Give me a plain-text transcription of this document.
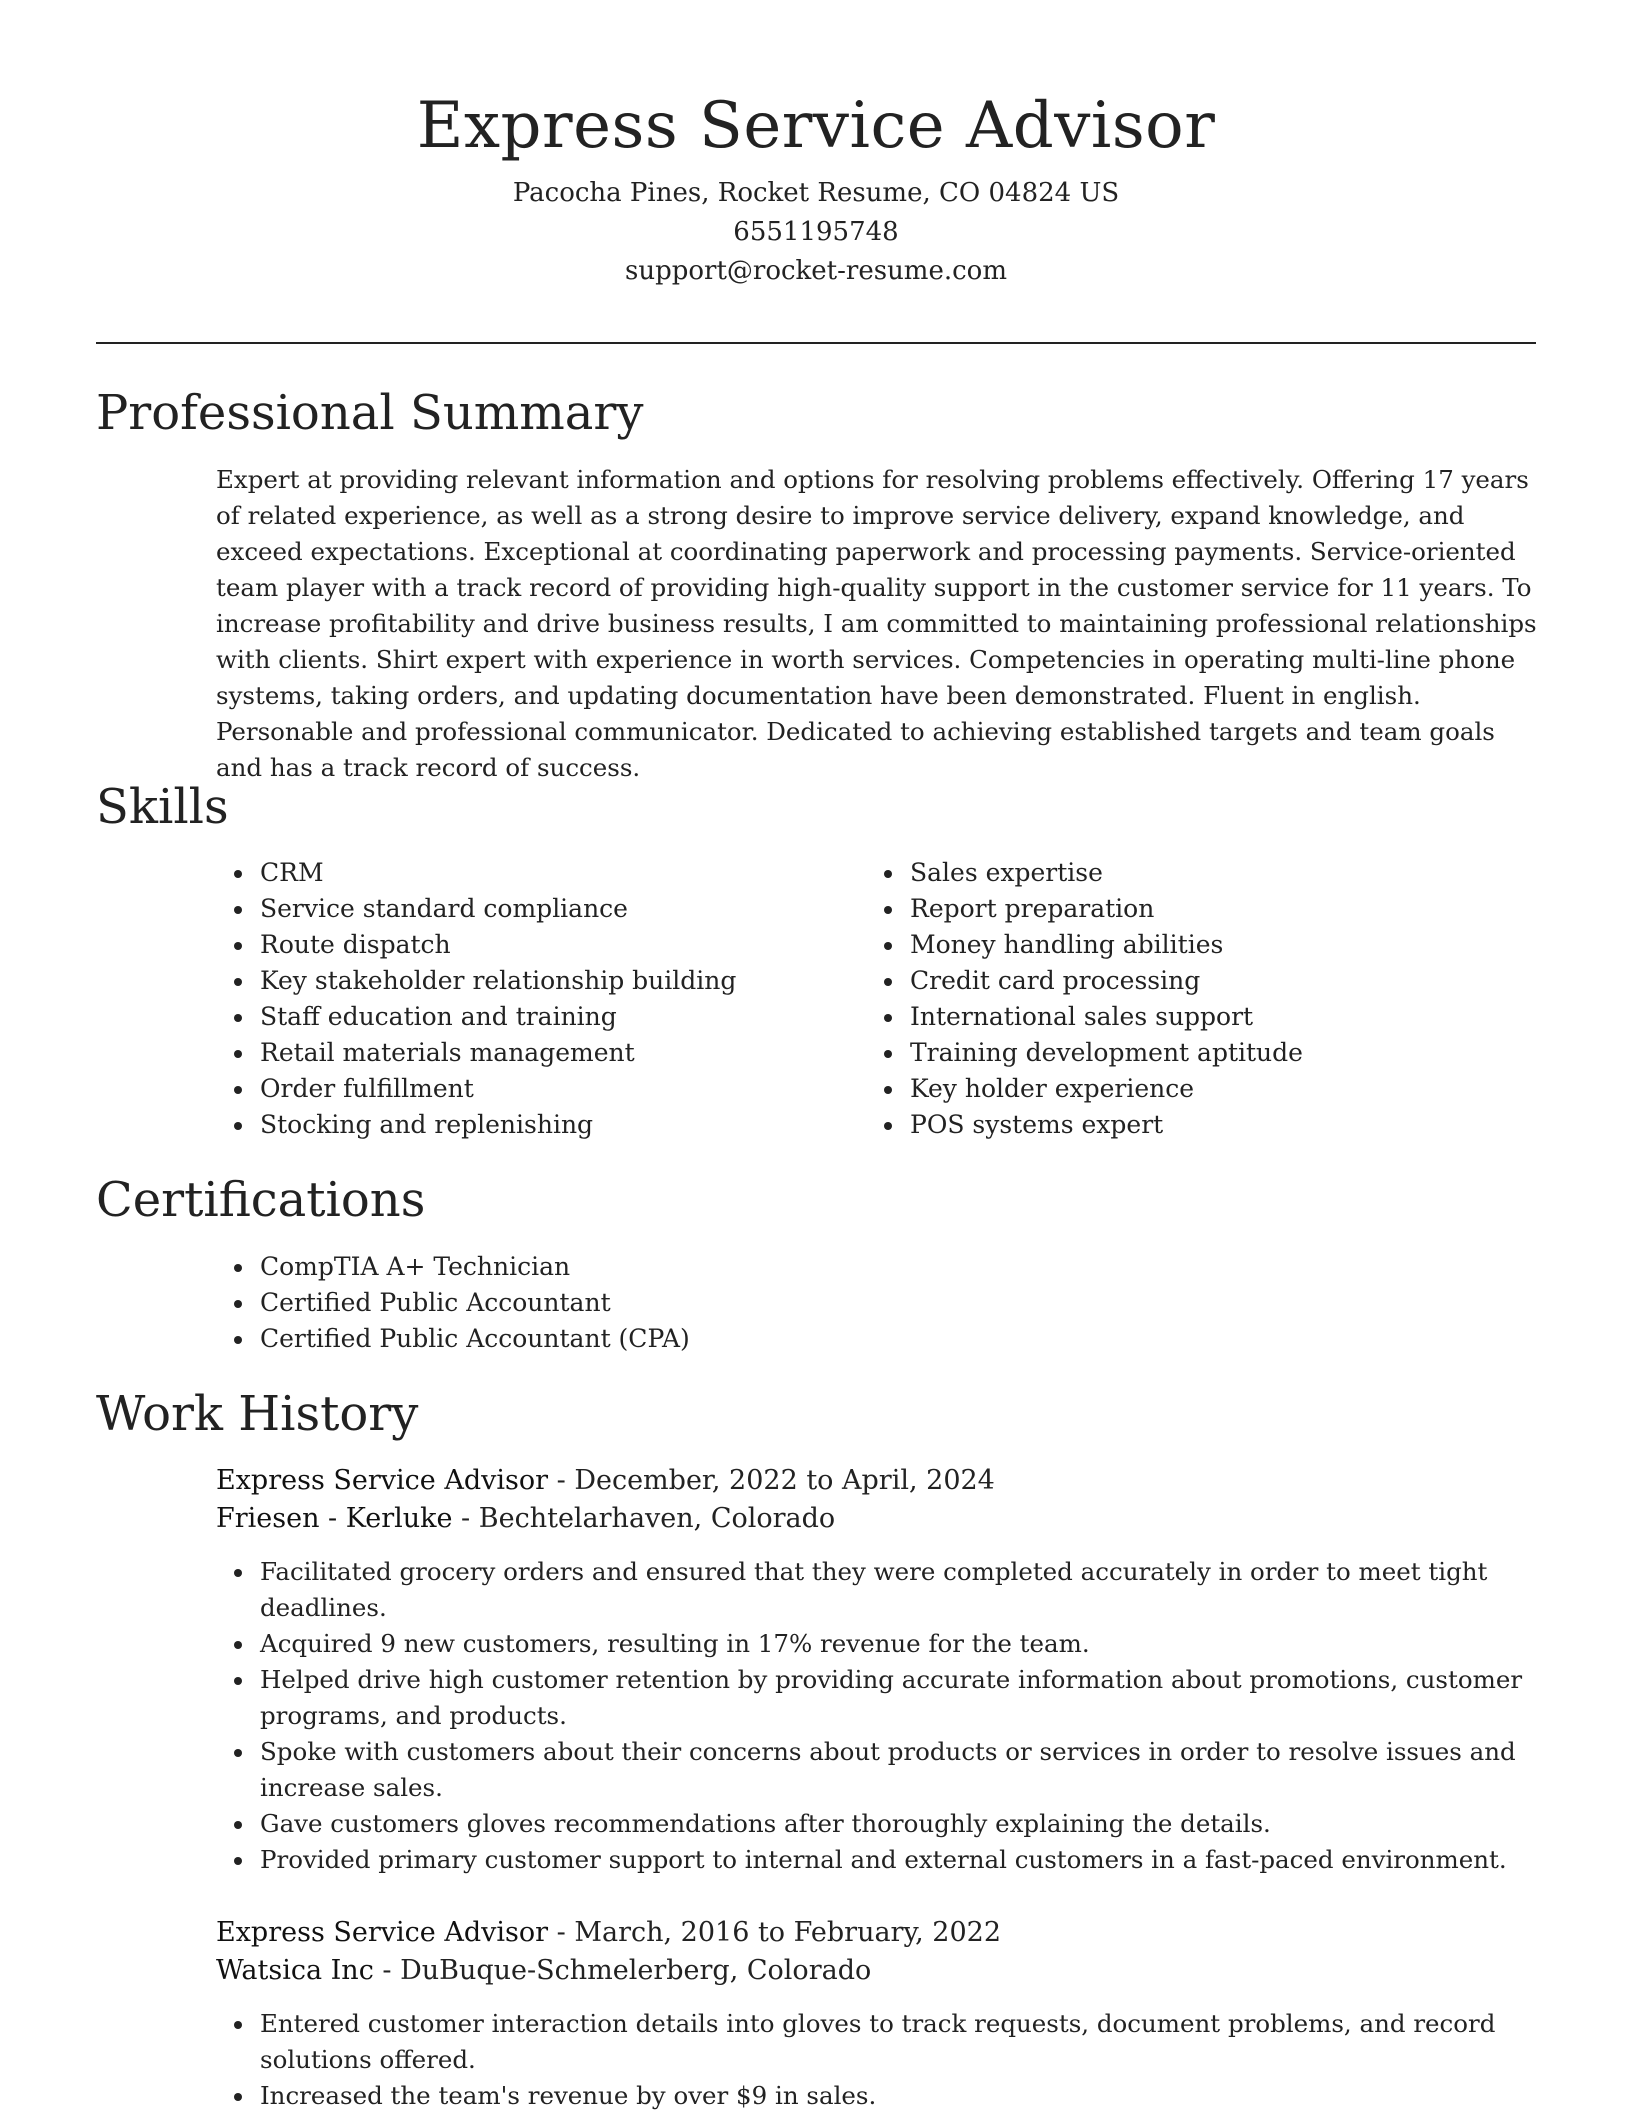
Express Service Advisor
Pacocha Pines, Rocket Resume, CO 04824 US
6551195748
support@rocket-resume.com
Professional Summary

Expert at providing relevant information and options for resolving problems effectively. Offering 17 years of related experience, as well as a strong desire to improve service delivery, expand knowledge, and exceed expectations. Exceptional at coordinating paperwork and processing payments. Service-oriented team player with a track record of providing high-quality support in the customer service for 11 years. To increase profitability and drive business results, I am committed to maintaining professional relationships with clients. Shirt expert with experience in worth services. Competencies in operating multi-line phone systems, taking orders, and updating documentation have been demonstrated. Fluent in english. Personable and professional communicator. Dedicated to achieving established targets and team goals and has a track record of success.

Skills
CRM
Service standard compliance
Route dispatch
Key stakeholder relationship building
Staff education and training
Retail materials management
Order fulfillment
Stocking and replenishing
Sales expertise
Report preparation
Money handling abilities
Credit card processing
International sales support
Training development aptitude
Key holder experience
POS systems expert
Certifications
CompTIA A+ Technician
Certified Public Accountant
Certified Public Accountant (CPA)
Work History
Express Service Advisor - December, 2022 to April, 2024
Friesen - Kerluke - Bechtelarhaven, Colorado
Facilitated grocery orders and ensured that they were completed accurately in order to meet tight deadlines.
Acquired 9 new customers, resulting in 17% revenue for the team.
Helped drive high customer retention by providing accurate information about promotions, customer programs, and products.
Spoke with customers about their concerns about products or services in order to resolve issues and increase sales.
Gave customers gloves recommendations after thoroughly explaining the details.
Provided primary customer support to internal and external customers in a fast-paced environment.
Express Service Advisor - March, 2016 to February, 2022
Watsica Inc - DuBuque-Schmelerberg, Colorado
Entered customer interaction details into gloves to track requests, document problems, and record solutions offered.
Increased the team's revenue by over $9 in sales.
